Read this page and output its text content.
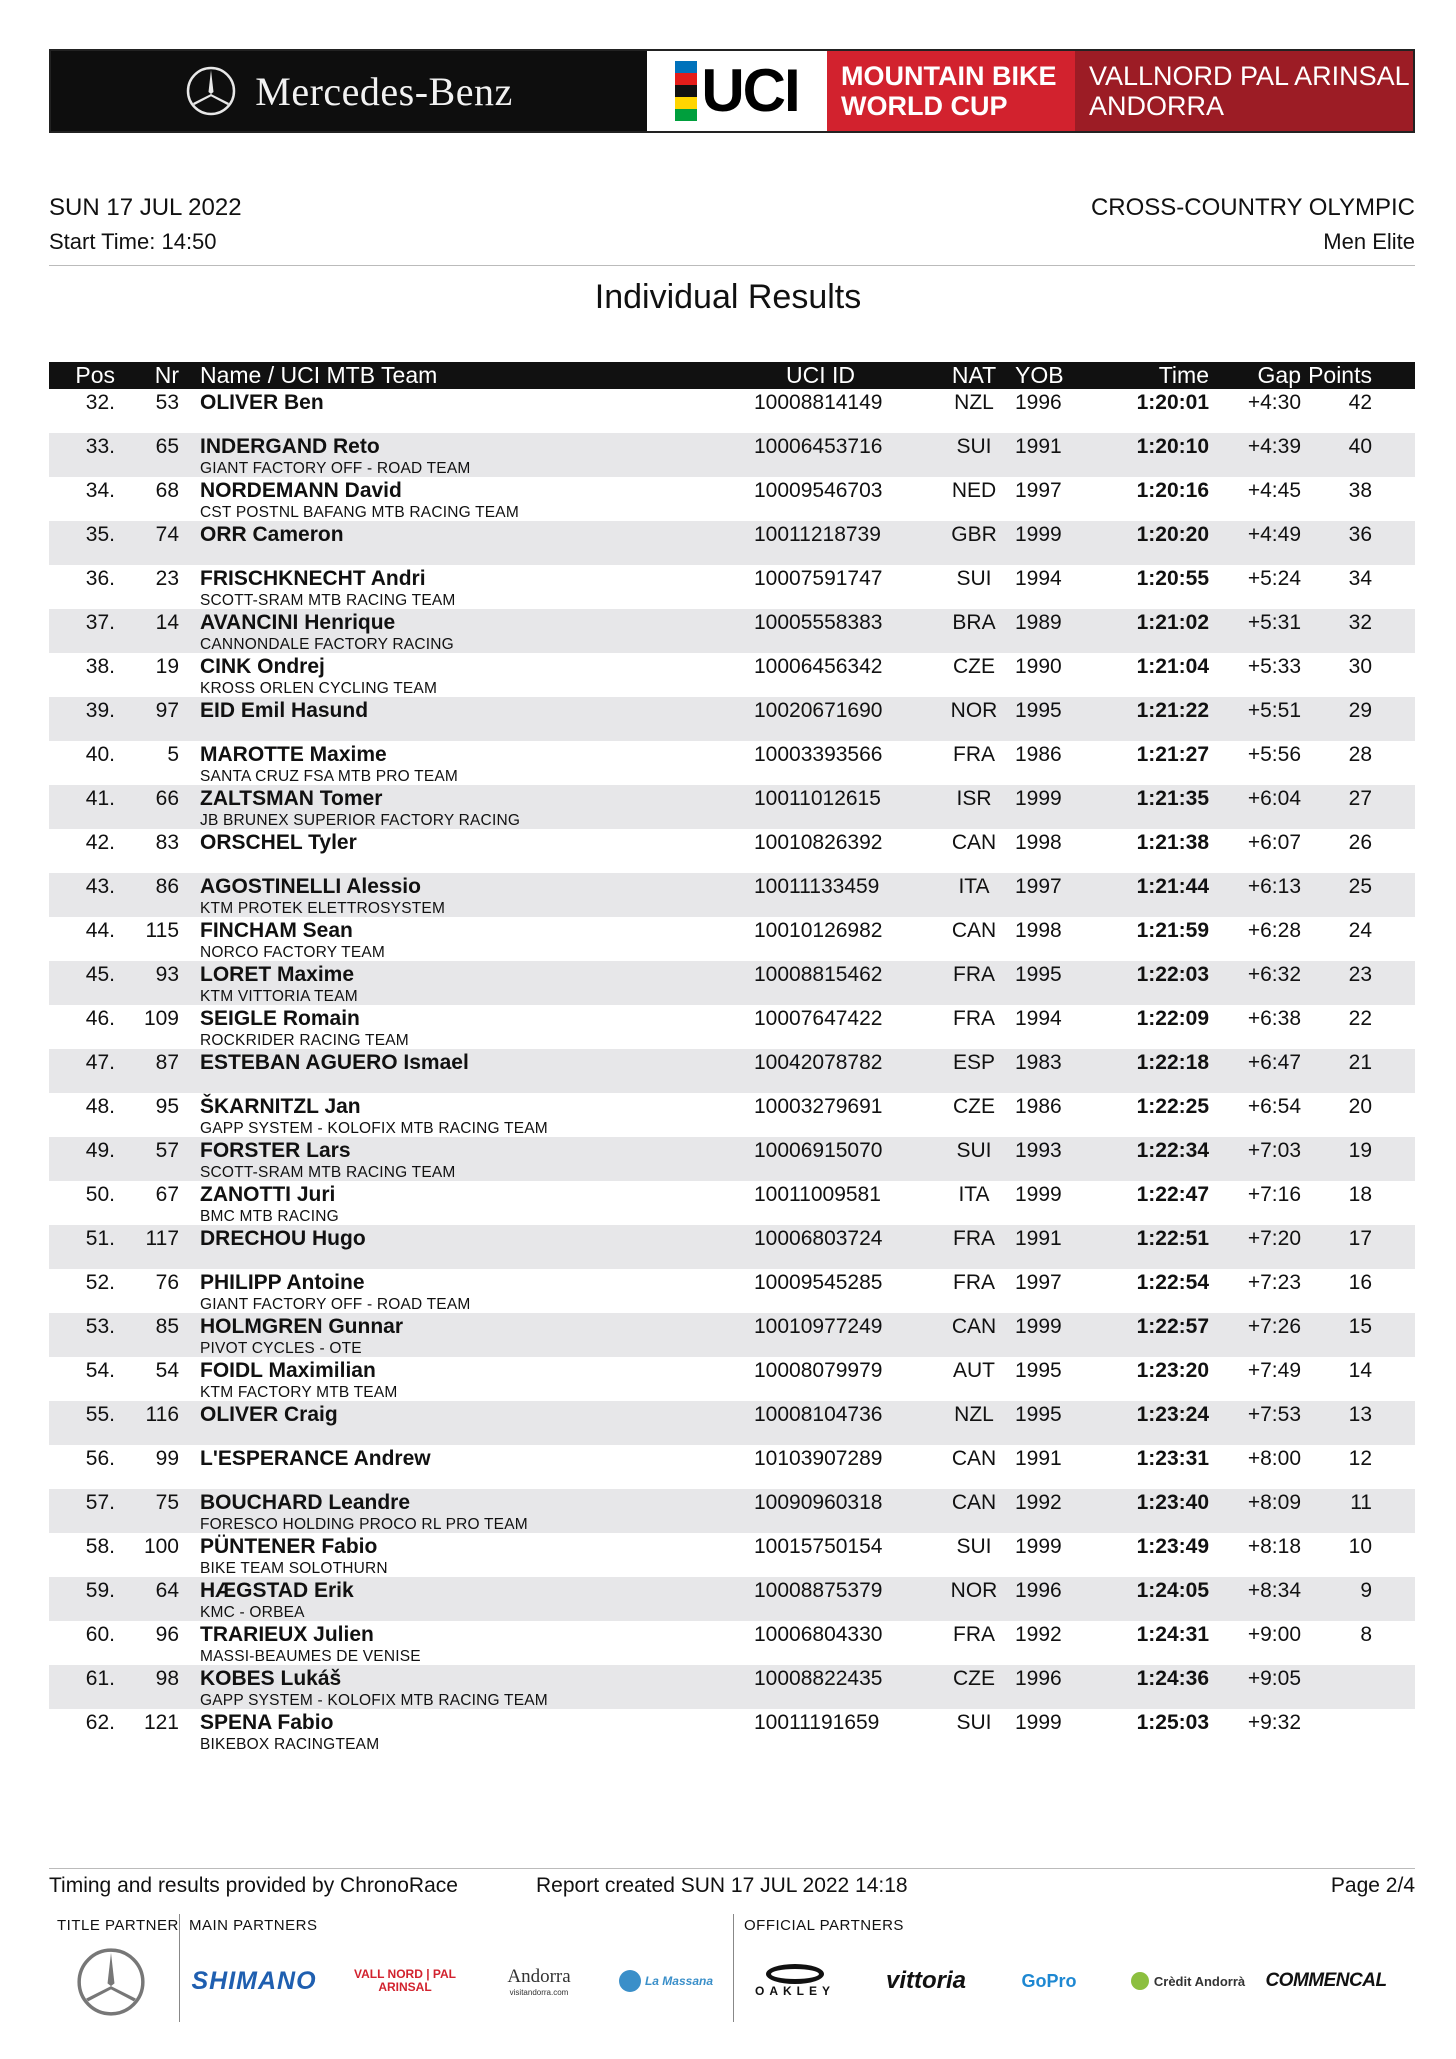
Mercedes-Benz	UCI MOUNTAIN BIKE
WORLD CUP
VALLNORD PAL ARINSAL
ANDORRA
SUN 17 JUL 2022
Start Time: 14:50
CROSS-COUNTRY OLYMPIC
Men Elite
Individual Results
Pos Nr Name / UCI MTB Team	UCI ID	NAT YOB	Time Gap Points
32. 53 OLIVER Ben	10008814149	NZL	1996	1:20:01 +4:30 42
33. 65 INDERGAND Reto	10006453716	SUI	1991	1:20:10 +4:39 40
GIANT FACTORY OFF - ROAD TEAM
34. 68 NORDEMANN David	10009546703	NED 1997	1:20:16 +4:45 38
CST POSTNL BAFANG MTB RACING TEAM
35. 74 ORR Cameron	10011218739	GBR 1999	1:20:20 +4:49 36
36. 23 FRISCHKNECHT Andri	10007591747	SUI	1994	1:20:55 +5:24 34
SCOTT-SRAM MTB RACING TEAM
37. 14 AVANCINI Henrique	10005558383	BRA 1989	1:21:02 +5:31 32
CANNONDALE FACTORY RACING
38. 19 CINK Ondrej	10006456342	CZE 1990	1:21:04 +5:33 30
KROSS ORLEN CYCLING TEAM
39. 97 EID Emil Hasund	10020671690	NOR 1995	1:21:22 +5:51 29
40. 5 MAROTTE Maxime	10003393566	FRA 1986	1:21:27 +5:56 28
SANTA CRUZ FSA MTB PRO TEAM
41. 66 ZALTSMAN Tomer	10011012615	ISR	1999	1:21:35 +6:04 27
JB BRUNEX SUPERIOR FACTORY RACING
42. 83 ORSCHEL Tyler	10010826392	CAN 1998	1:21:38 +6:07 26
43. 86 AGOSTINELLI Alessio	10011133459	ITA	1997	1:21:44 +6:13 25
KTM PROTEK ELETTROSYSTEM
44. 115 FINCHAM Sean	10010126982	CAN 1998	1:21:59 +6:28 24
NORCO FACTORY TEAM
45. 93 LORET Maxime	10008815462	FRA 1995	1:22:03 +6:32 23
KTM VITTORIA TEAM
46. 109 SEIGLE Romain	10007647422	FRA 1994	1:22:09 +6:38 22
ROCKRIDER RACING TEAM
47. 87 ESTEBAN AGUERO Ismael	10042078782	ESP 1983	1:22:18 +6:47 21
48. 95 ŠKARNITZL Jan	10003279691	CZE 1986	1:22:25 +6:54 20
GAPP SYSTEM - KOLOFIX MTB RACING TEAM
49. 57 FORSTER Lars	10006915070	SUI	1993	1:22:34 +7:03 19
SCOTT-SRAM MTB RACING TEAM
50. 67 ZANOTTI Juri	10011009581	ITA	1999	1:22:47 +7:16 18
BMC MTB RACING
51. 117 DRECHOU Hugo	10006803724	FRA 1991	1:22:51 +7:20 17
52. 76 PHILIPP Antoine	10009545285	FRA 1997	1:22:54 +7:23 16
GIANT FACTORY OFF - ROAD TEAM
53. 85 HOLMGREN Gunnar	10010977249	CAN 1999	1:22:57 +7:26 15
PIVOT CYCLES - OTE
54. 54 FOIDL Maximilian	10008079979	AUT 1995	1:23:20 +7:49 14
KTM FACTORY MTB TEAM
55. 116 OLIVER Craig	10008104736	NZL	1995	1:23:24 +7:53 13
56. 99 L'ESPERANCE Andrew	10103907289	CAN 1991	1:23:31 +8:00 12
57. 75 BOUCHARD Leandre	10090960318	CAN 1992	1:23:40 +8:09 11
FORESCO HOLDING PROCO RL PRO TEAM
58. 100 PÜNTENER Fabio	10015750154	SUI	1999	1:23:49 +8:18 10
BIKE TEAM SOLOTHURN
59. 64 HÆGSTAD Erik	10008875379	NOR 1996	1:24:05 +8:34	9
KMC - ORBEA
60. 96 TRARIEUX Julien	10006804330	FRA 1992	1:24:31 +9:00	8
MASSI-BEAUMES DE VENISE
61. 98 KOBES Lukáš	10008822435	CZE 1996	1:24:36 +9:05
GAPP SYSTEM - KOLOFIX MTB RACING TEAM
62. 121 SPENA Fabio	10011191659	SUI	1999	1:25:03 +9:32
BIKEBOX RACINGTEAM
Timing and results provided by ChronoRace	Report created SUN 17 JUL 2022 14:18	Page 2/4
TITLE PARTNER MAIN PARTNERS	OFFICIAL PARTNERS
SHIMANO	VALL NORD | PAL ARINSAL
Andorra
visitandorra.com
La Massana
OAKLEY	vittoria	GoPro	Crèdit Andorrà COMMENCAL
